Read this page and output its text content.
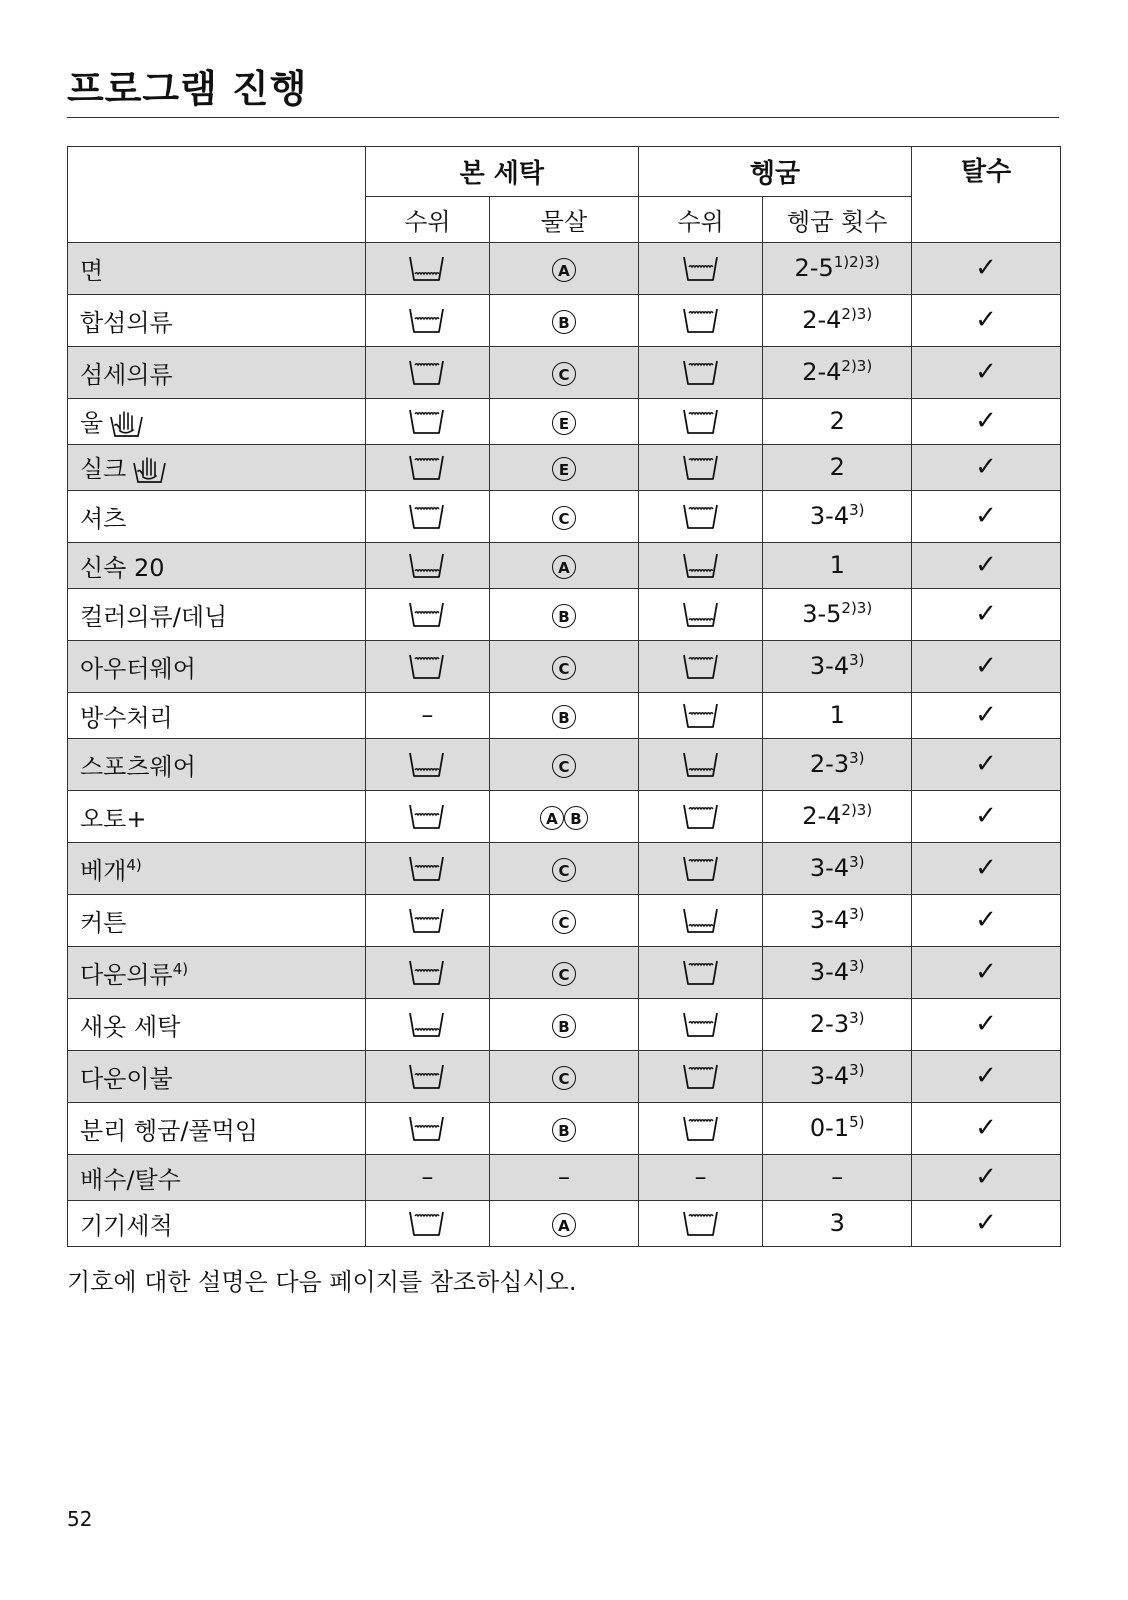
프로그램 진행
	본 세탁		헹굼		탈수
	수위	물살	수위	헹굼 횟수	
면		A		$2-5^{1)2)3)}$	✓
합섬의류		B		$2-4^{2)3)}$	✓
섬세의류		C		$2-4^{2)3)}$	✓
울		E		2	✓
실크		E		2	✓
셔츠		C		3-4$^{3)}$	✓
신속 20		A		1	✓
컬러의류/데님		B		$3-5^{2)3)}$	✓
아우터웨어		C		3-4$^{3)}$	✓
방수처리	–	B		1	✓
스포츠웨어		C		2-3$^{3)}$	✓
오토+		A B		$2-4^{2)3)}$	✓
베개$^{4)}$		C		3-4$^{3)}$	✓
커튼		C		3-4$^{3)}$	✓
다운의류$^{4)}$		C		3-4$^{3)}$	✓
새옷 세탁		B		2-3$^{3)}$	✓
다운이불		C		3-4$^{3)}$	✓
분리 헹굼/풀먹임		B		0-1$^{5)}$	✓
배수/탈수	–	–	–	–	✓
기기세척		A		3	✓

기호에 대한 설명은 다음 페이지를 참조하십시오.

52
